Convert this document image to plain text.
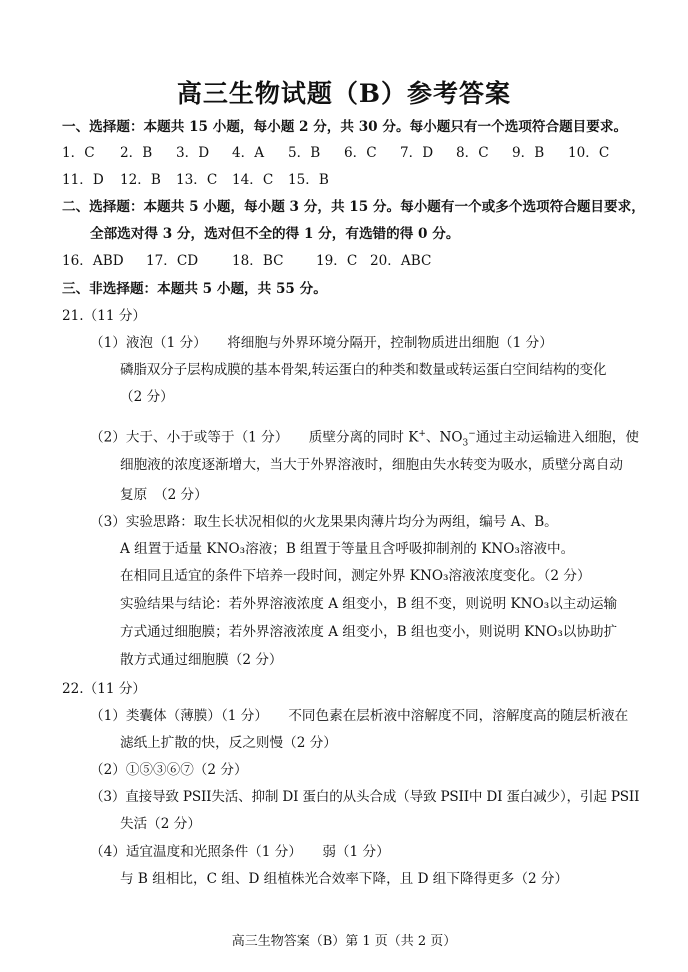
高三生物试题（B）参考答案
一、选择题：本题共 15 小题，每小题 2 分，共 30 分。每小题只有一个选项符合题目要求。
1．C 2．B 3．D 4．A 5．B 6．C 7．D 8．C 9．B 10．C
11．D 12．B 13．C 14．C 15．B
二、选择题：本题共 5 小题，每小题 3 分，共 15 分。每小题有一个或多个选项符合题目要求，
全部选对得 3 分，选对但不全的得 1 分，有选错的得 0 分。
16．ABD 17．CD 18．BC 19．C 20．ABC
三、非选择题：本题共 5 小题，共 55 分。
21.（11 分）
（1）液泡（1 分）　　将细胞与外界环境分隔开，控制物质进出细胞（1 分）
磷脂双分子层构成膜的基本骨架,转运蛋白的种类和数量或转运蛋白空间结构的变化
（2 分）
（2）大于、小于或等于（1 分）　　质壁分离的同时 K+、$NO_3^-$通过主动运输进入细胞，使
细胞液的浓度逐渐增大，当大于外界溶液时，细胞由失水转变为吸水，质壁分离自动
复原　（2 分）
（3）实验思路：取生长状况相似的火龙果果肉薄片均分为两组，编号 A、B。
A 组置于适量 KNO₃溶液；B 组置于等量且含呼吸抑制剂的 KNO₃溶液中。
在相同且适宜的条件下培养一段时间，测定外界 KNO₃溶液浓度变化。（2 分）
实验结果与结论：若外界溶液浓度 A 组变小，B 组不变，则说明 KNO₃以主动运输
方式通过细胞膜；若外界溶液浓度 A 组变小，B 组也变小，则说明 KNO₃以协助扩
散方式通过细胞膜（2 分）
22.（11 分）
（1）类囊体（薄膜）（1 分）　　不同色素在层析液中溶解度不同，溶解度高的随层析液在
滤纸上扩散的快，反之则慢（2 分）
（2）①⑤③⑥⑦（2 分）
（3）直接导致 PSII失活、抑制 DI 蛋白的从头合成（导致 PSII中 DI 蛋白减少），引起 PSII
失活（2 分）
（4）适宜温度和光照条件（1 分）　　弱（1 分）
与 B 组相比，C 组、D 组植株光合效率下降，且 D 组下降得更多（2 分）
高三生物答案（B）第 1 页（共 2 页）
